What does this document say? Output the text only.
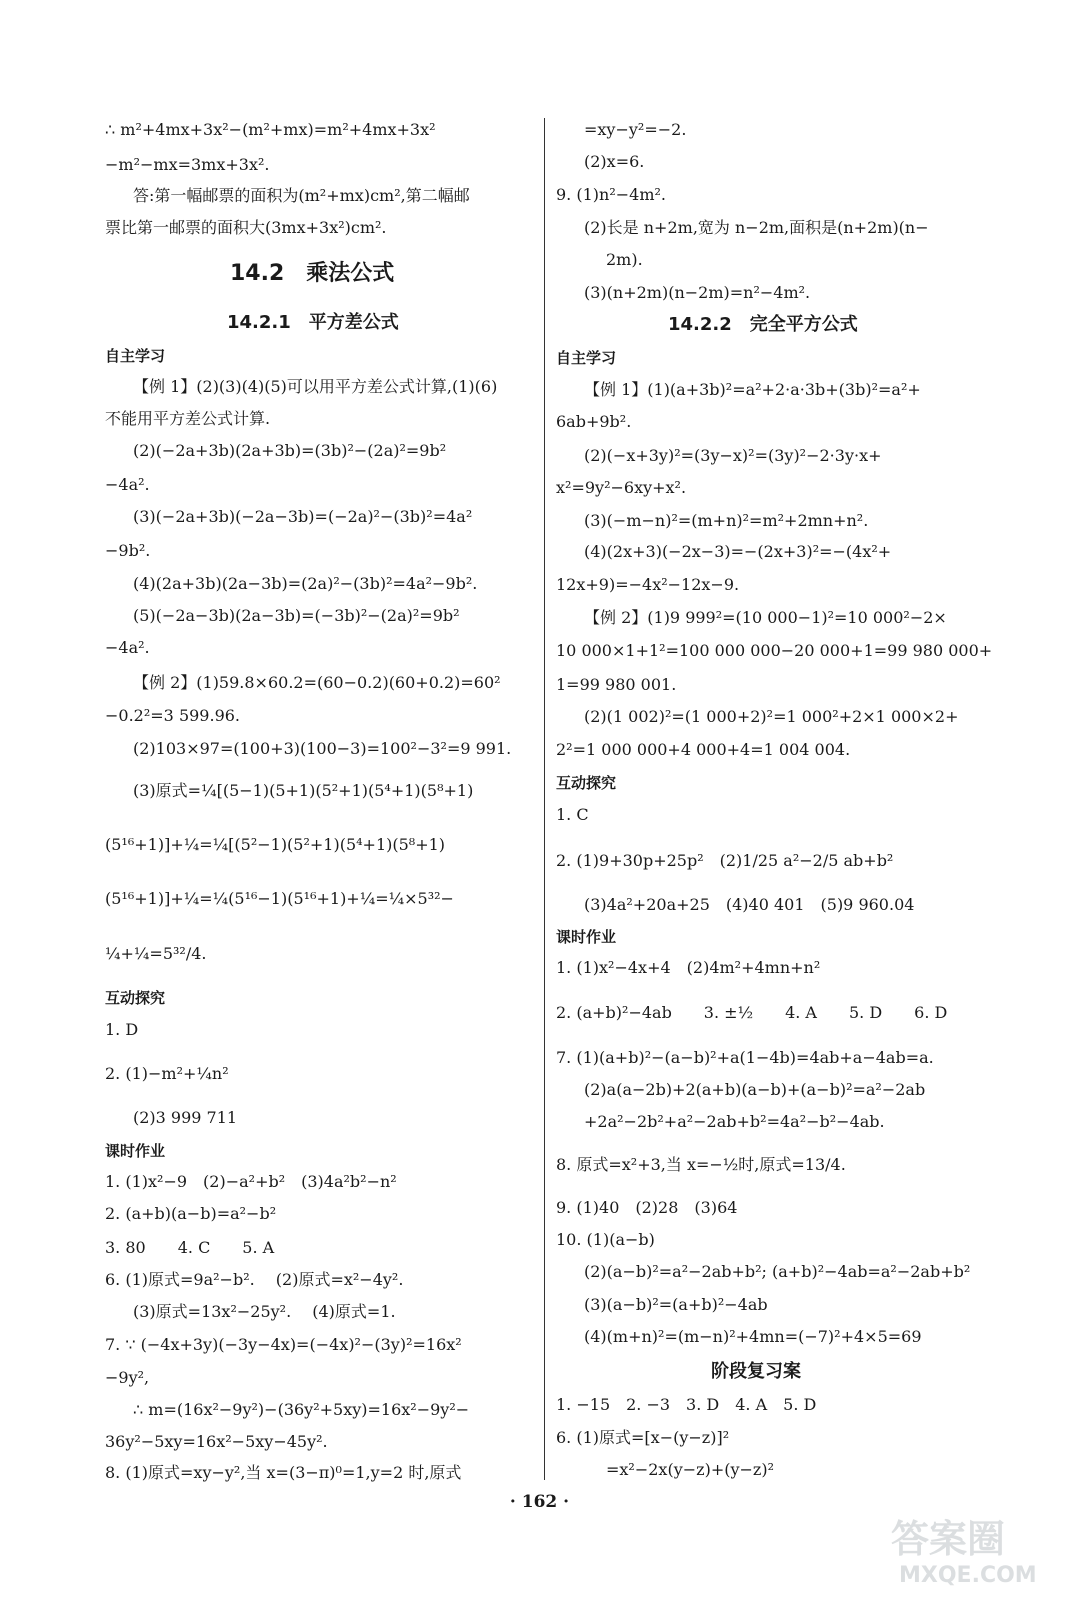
∴ m²+4mx+3x²−(m²+mx)=m²+4mx+3x²
−m²−mx=3mx+3x².
答:第一幅邮票的面积为(m²+mx)cm²,第二幅邮
票比第一邮票的面积大(3mx+3x²)cm².
14.2　乘法公式
14.2.1　平方差公式
自主学习
【例 1】(2)(3)(4)(5)可以用平方差公式计算,(1)(6)
不能用平方差公式计算.
(2)(−2a+3b)(2a+3b)=(3b)²−(2a)²=9b²
−4a².
(3)(−2a+3b)(−2a−3b)=(−2a)²−(3b)²=4a²
−9b².
(4)(2a+3b)(2a−3b)=(2a)²−(3b)²=4a²−9b².
(5)(−2a−3b)(2a−3b)=(−3b)²−(2a)²=9b²
−4a².
【例 2】(1)59.8×60.2=(60−0.2)(60+0.2)=60²
−0.2²=3 599.96.
(2)103×97=(100+3)(100−3)=100²−3²=9 991.
(3)原式=¼[(5−1)(5+1)(5²+1)(5⁴+1)(5⁸+1)
(5¹⁶+1)]+¼=¼[(5²−1)(5²+1)(5⁴+1)(5⁸+1)
(5¹⁶+1)]+¼=¼(5¹⁶−1)(5¹⁶+1)+¼=¼×5³²−
¼+¼=5³²/4.
互动探究
1. D
2. (1)−m²+¼n²
(2)3 999 711
课时作业
1. (1)x²−9　(2)−a²+b²　(3)4a²b²−n²
2. (a+b)(a−b)=a²−b²
3. 80　　4. C　　5. A
6. (1)原式=9a²−b².　 (2)原式=x²−4y².
(3)原式=13x²−25y².　 (4)原式=1.
7. ∵ (−4x+3y)(−3y−4x)=(−4x)²−(3y)²=16x²
−9y²,
∴ m=(16x²−9y²)−(36y²+5xy)=16x²−9y²−
36y²−5xy=16x²−5xy−45y².
8. (1)原式=xy−y²,当 x=(3−π)⁰=1,y=2 时,原式
=xy−y²=−2.
(2)x=6.
9. (1)n²−4m².
(2)长是 n+2m,宽为 n−2m,面积是(n+2m)(n−
2m).
(3)(n+2m)(n−2m)=n²−4m².
14.2.2　完全平方公式
自主学习
【例 1】(1)(a+3b)²=a²+2·a·3b+(3b)²=a²+
6ab+9b².
(2)(−x+3y)²=(3y−x)²=(3y)²−2·3y·x+
x²=9y²−6xy+x².
(3)(−m−n)²=(m+n)²=m²+2mn+n².
(4)(2x+3)(−2x−3)=−(2x+3)²=−(4x²+
12x+9)=−4x²−12x−9.
【例 2】(1)9 999²=(10 000−1)²=10 000²−2×
10 000×1+1²=100 000 000−20 000+1=99 980 000+
1=99 980 001.
(2)(1 002)²=(1 000+2)²=1 000²+2×1 000×2+
2²=1 000 000+4 000+4=1 004 004.
互动探究
1. C
2. (1)9+30p+25p²　(2)1/25 a²−2/5 ab+b²
(3)4a²+20a+25　(4)40 401　(5)9 960.04
课时作业
1. (1)x²−4x+4　(2)4m²+4mn+n²
2. (a+b)²−4ab　　3. ±½　　4. A　　5. D　　6. D
7. (1)(a+b)²−(a−b)²+a(1−4b)=4ab+a−4ab=a.
(2)a(a−2b)+2(a+b)(a−b)+(a−b)²=a²−2ab
+2a²−2b²+a²−2ab+b²=4a²−b²−4ab.
8. 原式=x²+3,当 x=−½时,原式=13/4.
9. (1)40　(2)28　(3)64
10. (1)(a−b)
(2)(a−b)²=a²−2ab+b²; (a+b)²−4ab=a²−2ab+b²
(3)(a−b)²=(a+b)²−4ab
(4)(m+n)²=(m−n)²+4mn=(−7)²+4×5=69
阶段复习案
1. −15　2. −3　3. D　4. A　5. D
6. (1)原式=[x−(y−z)]²
=x²−2x(y−z)+(y−z)²
· 162 ·
答案圈
MXQE.COM
